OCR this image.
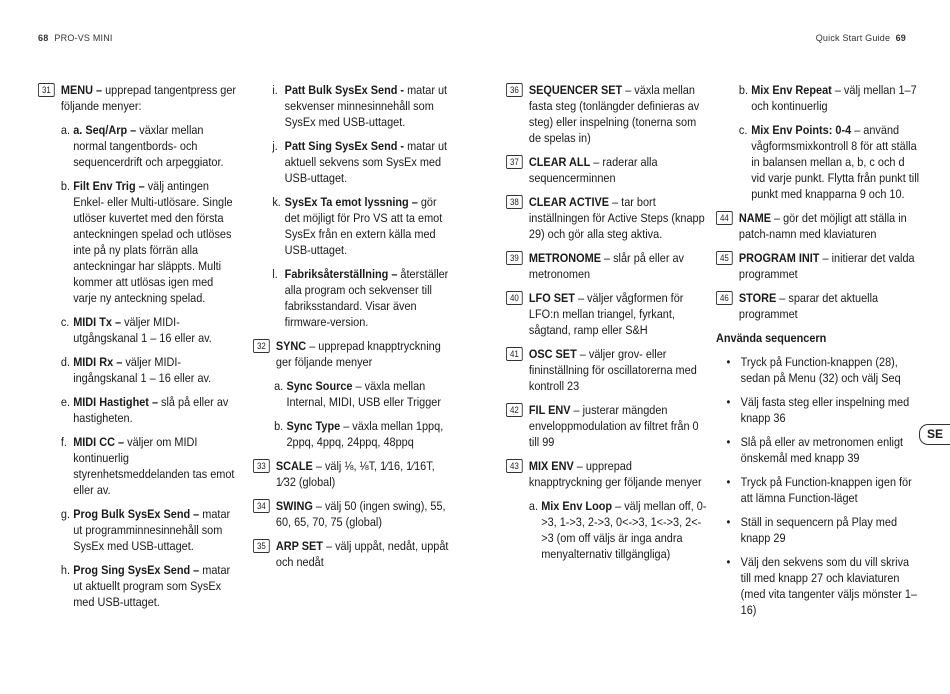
68 PRO-VS MINI	Quick Start Guide 69
31 MENU – upprepad tangentpress ger följande menyer:
a. a. Seq/Arp – växlar mellan normal tangentbords- och sequencerdrift och arpeggiator.
b. Filt Env Trig – välj antingen Enkel- eller Multi-utlösare. Single utlöser kuvertet med den första anteckningen spelad och utlöses inte på ny plats förrän alla anteckningar har släppts. Multi kommer att utlösas igen med varje ny anteckning spelad.
c. MIDI Tx – väljer MIDI-utgångskanal 1 – 16 eller av.
d. MIDI Rx – väljer MIDI-ingångskanal 1 – 16 eller av.
e. MIDI Hastighet – slå på eller av hastigheten.
f. MIDI CC – väljer om MIDI kontinuerlig styrenhetsmeddelanden tas emot eller av.
g. Prog Bulk SysEx Send – matar ut programminnesinnehåll som SysEx med USB-uttaget.
h. Prog Sing SysEx Send – matar ut aktuellt program som SysEx med USB-uttaget.
i. Patt Bulk SysEx Send - matar ut sekvenser minnesinnehåll som SysEx med USB-uttaget.
j. Patt Sing SysEx Send - matar ut aktuell sekvens som SysEx med USB-uttaget.
k. SysEx Ta emot lyssning – gör det möjligt för Pro VS att ta emot SysEx från en extern källa med USB-uttaget.
l. Fabriksåterställning – återställer alla program och sekvenser till fabriksstandard. Visar även firmware-version.
32 SYNC – upprepad knapptryckning ger följande menyer
a. Sync Source – växla mellan Internal, MIDI, USB eller Trigger
b. Sync Type – växla mellan 1ppq, 2ppq, 4ppq, 24ppq, 48ppq
33 SCALE – välj ⅛, ⅛T, 1⁄16, 1⁄16T, 1⁄32 (global)
34 SWING – välj 50 (ingen swing), 55, 60, 65, 70, 75 (global)
35 ARP SET – välj uppåt, nedåt, uppåt och nedåt
36 SEQUENCER SET – växla mellan fasta steg (tonlängder definieras av steg) eller inspelning (tonerna som de spelas in)
37 CLEAR ALL – raderar alla sequencerminnen
38 CLEAR ACTIVE – tar bort inställningen för Active Steps (knapp 29) och gör alla steg aktiva.
39 METRONOME – slår på eller av metronomen
40 LFO SET – väljer vågformen för LFO:n mellan triangel, fyrkant, sågtand, ramp eller S&H
41 OSC SET – väljer grov- eller fininställning för oscillatorerna med kontroll 23
42 FIL ENV – justerar mängden enveloppmodulation av filtret från 0 till 99
43 MIX ENV – upprepad knapptryckning ger följande menyer
a. Mix Env Loop – välj mellan off, 0->3, 1->3, 2->3, 0<->3, 1<->3, 2<->3 (om off väljs är inga andra menyalternativ tillgängliga)
b. Mix Env Repeat – välj mellan 1–7 och kontinuerlig
c. Mix Env Points: 0-4 – använd vågformsmixkontroll 8 för att ställa in balansen mellan a, b, c och d vid varje punkt. Flytta från punkt till punkt med knapparna 9 och 10.
44 NAME – gör det möjligt att ställa in patch-namn med klaviaturen
45 PROGRAM INIT – initierar det valda programmet
46 STORE – sparar det aktuella programmet
Använda sequencern
• Tryck på Function-knappen (28), sedan på Menu (32) och välj Seq
• Välj fasta steg eller inspelning med knapp 36
• Slå på eller av metronomen enligt önskemål med knapp 39
• Tryck på Function-knappen igen för att lämna Function-läget
• Ställ in sequencern på Play med knapp 29
• Välj den sekvens som du vill skriva till med knapp 27 och klaviaturen (med vita tangenter väljs mönster 1–16)
SE
